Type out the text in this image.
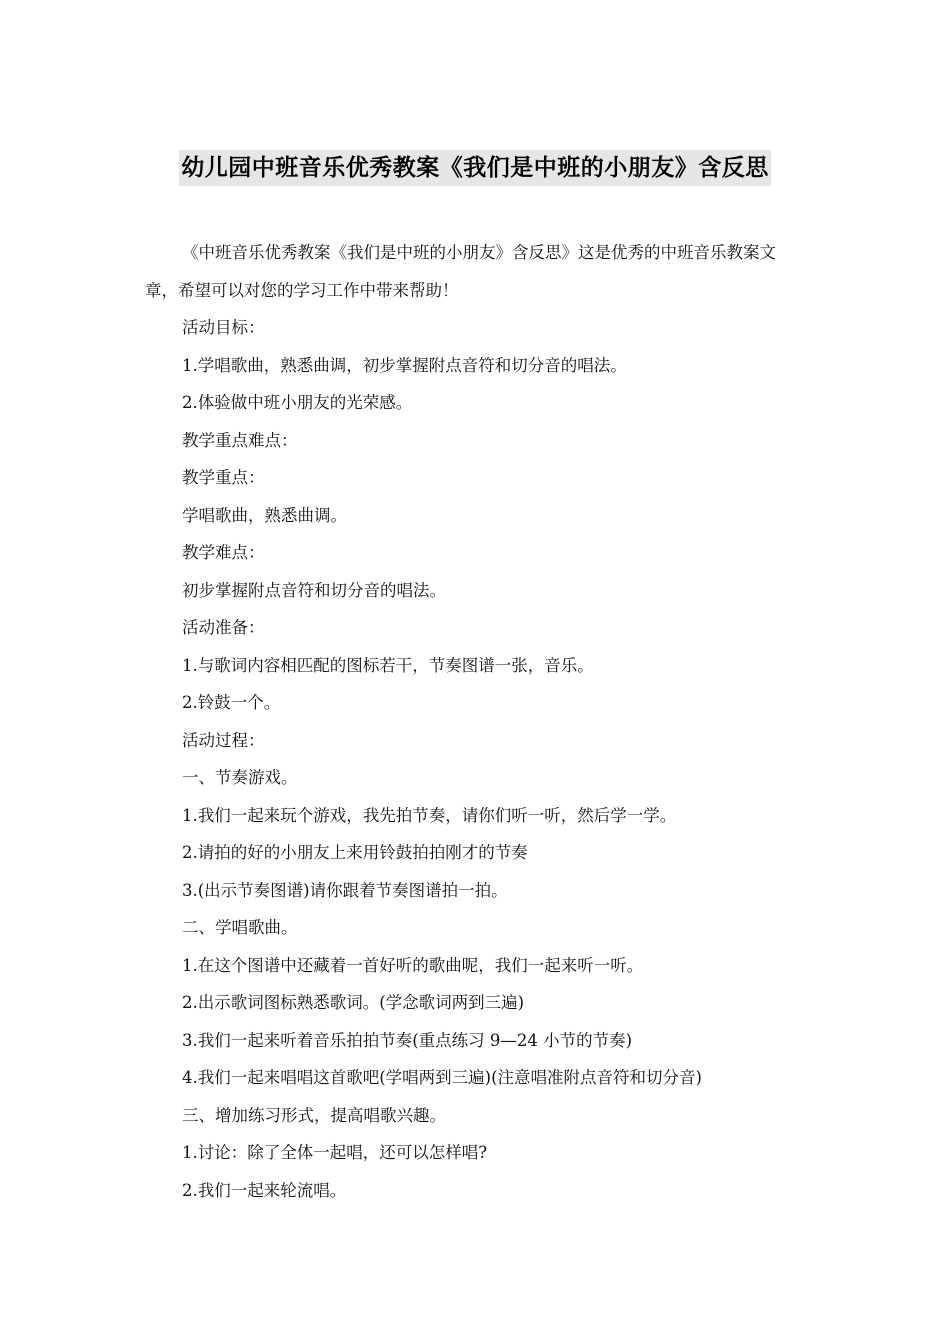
幼儿园中班音乐优秀教案《我们是中班的小朋友》含反思

《中班音乐优秀教案《我们是中班的小朋友》含反思》这是优秀的中班音乐教案文章，希望可以对您的学习工作中带来帮助！

活动目标：

1.学唱歌曲，熟悉曲调，初步掌握附点音符和切分音的唱法。

2.体验做中班小朋友的光荣感。

教学重点难点：

教学重点：

学唱歌曲，熟悉曲调。

教学难点：

初步掌握附点音符和切分音的唱法。

活动准备：

1.与歌词内容相匹配的图标若干，节奏图谱一张，音乐。

2.铃鼓一个。

活动过程：

一、节奏游戏。

1.我们一起来玩个游戏，我先拍节奏，请你们听一听，然后学一学。

2.请拍的好的小朋友上来用铃鼓拍拍刚才的节奏

3.(出示节奏图谱)请你跟着节奏图谱拍一拍。

二、学唱歌曲。

1.在这个图谱中还藏着一首好听的歌曲呢，我们一起来听一听。

2.出示歌词图标熟悉歌词。(学念歌词两到三遍)

3.我们一起来听着音乐拍拍节奏(重点练习 9—24 小节的节奏)

4.我们一起来唱唱这首歌吧(学唱两到三遍)(注意唱准附点音符和切分音)

三、增加练习形式，提高唱歌兴趣。

1.讨论：除了全体一起唱，还可以怎样唱?

2.我们一起来轮流唱。
